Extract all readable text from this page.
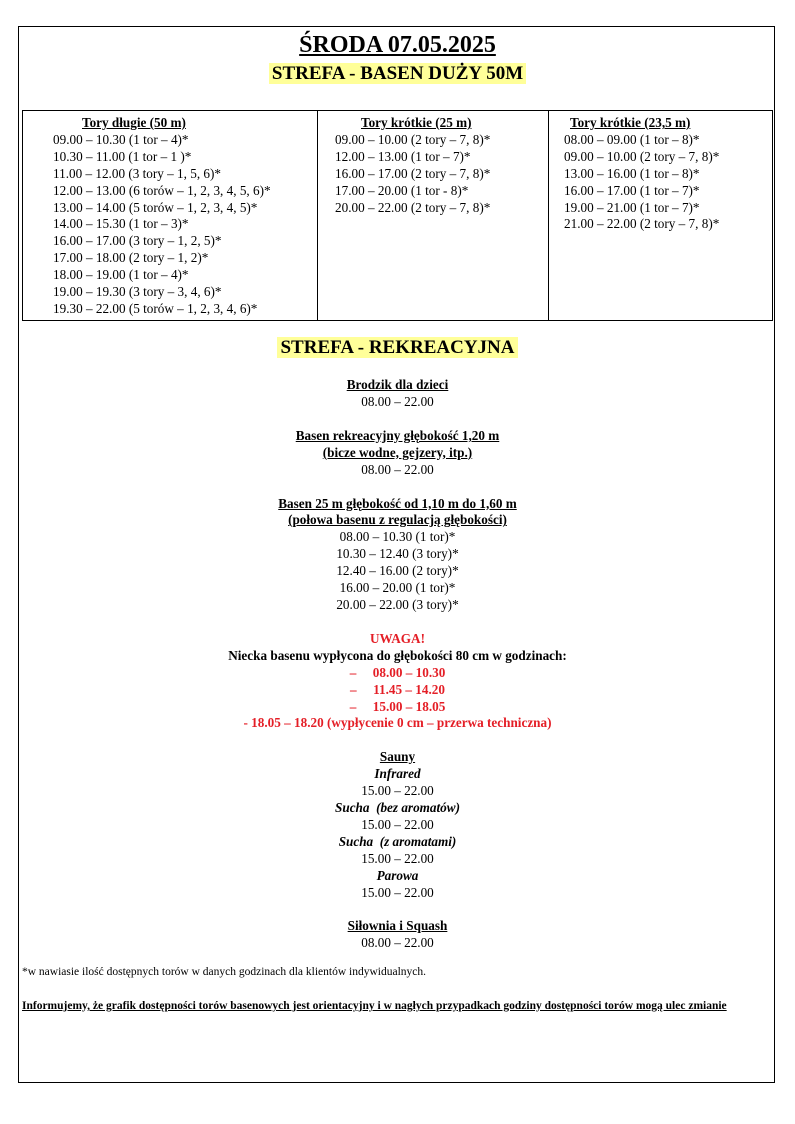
ŚRODA 07.05.2025
STREFA - BASEN DUŻY 50M
Tory długie (50 m)
09.00 – 10.30 (1 tor – 4)*
10.30 – 11.00 (1 tor – 1 )*
11.00 – 12.00 (3 tory – 1, 5, 6)*
12.00 – 13.00 (6 torów – 1, 2, 3, 4, 5, 6)*
13.00 – 14.00 (5 torów – 1, 2, 3, 4, 5)*
14.00 – 15.30 (1 tor – 3)*
16.00 – 17.00 (3 tory – 1, 2, 5)*
17.00 – 18.00 (2 tory – 1, 2)*
18.00 – 19.00 (1 tor – 4)*
19.00 – 19.30 (3 tory – 3, 4, 6)*
19.30 – 22.00 (5 torów – 1, 2, 3, 4, 6)*
Tory krótkie (25 m)
09.00 – 10.00 (2 tory – 7, 8)*
12.00 – 13.00 (1 tor – 7)*
16.00 – 17.00 (2 tory – 7, 8)*
17.00 – 20.00 (1 tor - 8)*
20.00 – 22.00 (2 tory – 7, 8)*
Tory krótkie (23,5 m)
08.00 – 09.00 (1 tor – 8)*
09.00 – 10.00 (2 tory – 7, 8)*
13.00 – 16.00 (1 tor – 8)*
16.00 – 17.00 (1 tor – 7)*
19.00 – 21.00 (1 tor – 7)*
21.00 – 22.00 (2 tory – 7, 8)*
STREFA - REKREACYJNA
Brodzik dla dzieci
08.00 – 22.00
Basen rekreacyjny głębokość 1,20 m
(bicze wodne, gejzery, itp.)
08.00 – 22.00
Basen 25 m głębokość od 1,10 m do 1,60 m
(połowa basenu z regulacją głębokości)
08.00 – 10.30 (1 tor)*
10.30 – 12.40 (3 tory)*
12.40 – 16.00 (2 tory)*
16.00 – 20.00 (1 tor)*
20.00 – 22.00 (3 tory)*
UWAGA!
Niecka basenu wypłycona do głębokości 80 cm w godzinach:
–     08.00 – 10.30
–     11.45 – 14.20
–     15.00 – 18.05
- 18.05 – 18.20 (wypłycenie 0 cm – przerwa techniczna)
Sauny
Infrared
15.00 – 22.00
Sucha  (bez aromatów)
15.00 – 22.00
Sucha  (z aromatami)
15.00 – 22.00
Parowa
15.00 – 22.00
Siłownia i Squash
08.00 – 22.00
*w nawiasie ilość dostępnych torów w danych godzinach dla klientów indywidualnych.
Informujemy, że grafik dostępności torów basenowych jest orientacyjny i w nagłych przypadkach godziny dostępności torów mogą ulec zmianie
